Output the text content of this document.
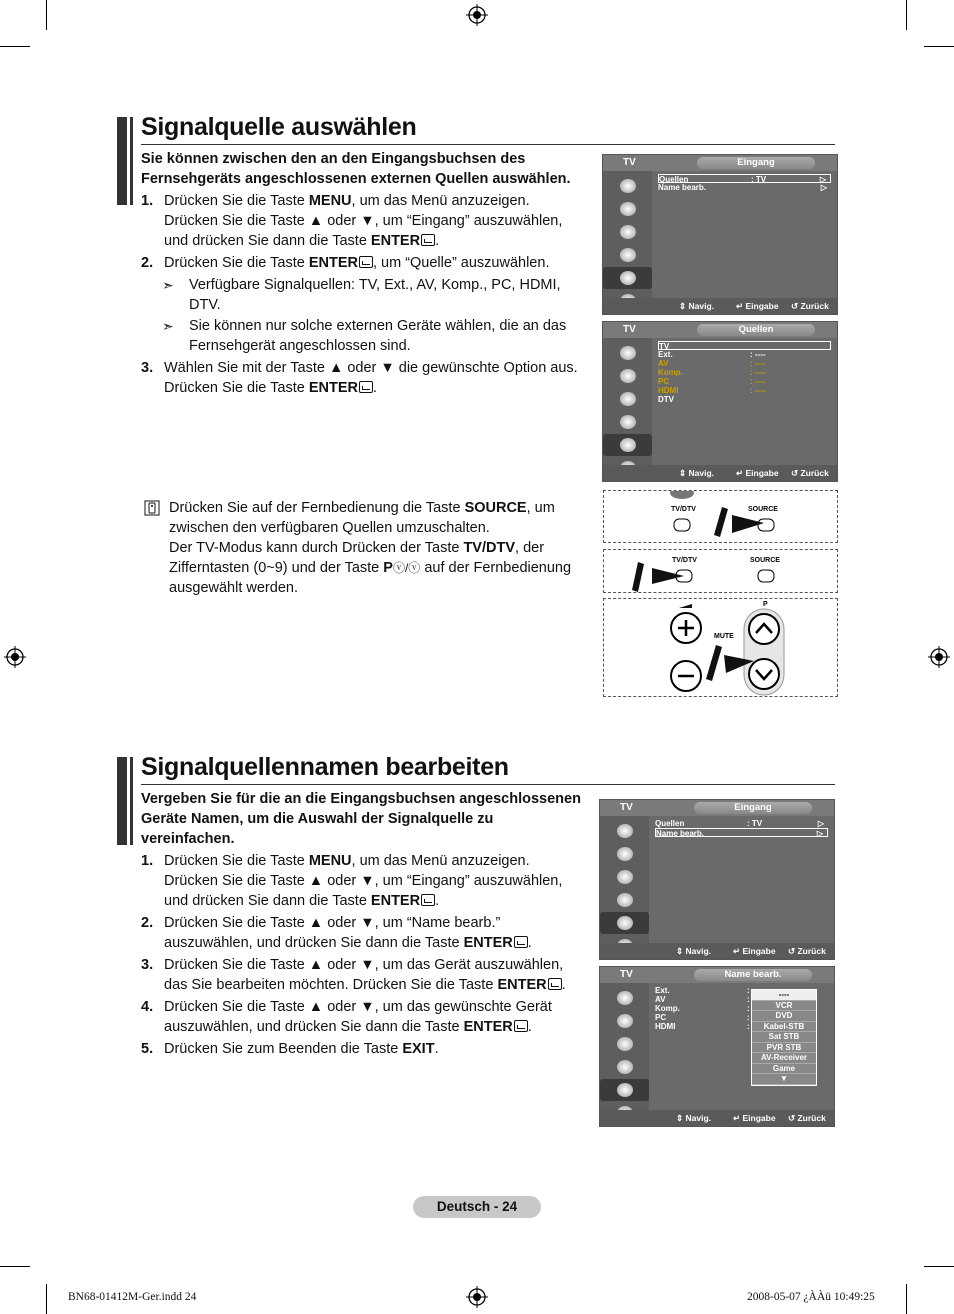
Signalquelle auswählen
Sie können zwischen den an den Eingangsbuchsen des
Fernsehgeräts angeschlossenen externen Quellen auswählen.
1. Drücken Sie die Taste MENU, um das Menü anzuzeigen.
Drücken Sie die Taste ▲ oder ▼, um “Eingang” auszuwählen,
und drücken Sie dann die Taste ENTER .
2. Drücken Sie die Taste ENTER , um “Quelle” auszuwählen.
➣ Verfügbare Signalquellen: TV, Ext., AV, Komp., PC, HDMI,
DTV.
➣ Sie können nur solche externen Geräte wählen, die an das
Fernsehgerät angeschlossen sind.
3. Wählen Sie mit der Taste ▲ oder ▼ die gewünschte Option aus.
Drücken Sie die Taste ENTER .
Drücken Sie auf der Fernbedienung die Taste SOURCE, um
zwischen den verfügbaren Quellen umzuschalten.
Der TV-Modus kann durch Drücken der Taste TV/DTV, der
Zifferntasten (0~9) und der Taste Pⓥ/ⓥ auf der Fernbedienung
ausgewählt werden.
TV	Eingang
Quellen	: TV	▷
Name bearb.	▷
⇕ Navig.	↵ Eingabe ↺ Zurück
TV	Quellen
TV
Ext.	: ----
AV	: ----
Komp.	: ----
PC	: ----
HDMI	: ----
DTV
⇕ Navig.	↵ Eingabe ↺ Zurück
TV/DTV	SOURCE
TV/DTV	SOURCE
P
MUTE
Signalquellennamen bearbeiten
Vergeben Sie für die an die Eingangsbuchsen angeschlossenen
Geräte Namen, um die Auswahl der Signalquelle zu
vereinfachen.
1. Drücken Sie die Taste MENU, um das Menü anzuzeigen.
Drücken Sie die Taste ▲ oder ▼, um “Eingang” auszuwählen,
und drücken Sie dann die Taste ENTER .
2. Drücken Sie die Taste ▲ oder ▼, um “Name bearb.”
auszuwählen, und drücken Sie dann die Taste ENTER .
3. Drücken Sie die Taste ▲ oder ▼, um das Gerät auszuwählen,
das Sie bearbeiten möchten. Drücken Sie die Taste ENTER .
4. Drücken Sie die Taste ▲ oder ▼, um das gewünschte Gerät
auszuwählen, und drücken Sie dann die Taste ENTER .
5. Drücken Sie zum Beenden die Taste EXIT.
TV	Eingang
Quellen	: TV	▷
Name bearb.	▷
⇕ Navig.	↵ Eingabe ↺ Zurück
TV	Name bearb.
Ext.	:
AV	:
Komp.	:
PC	:
HDMI	:
----
VCR
DVD
Kabel-STB
Sat STB
PVR STB
AV-Receiver
Game
▼
⇕ Navig.	↵ Eingabe ↺ Zurück
Deutsch - 24
BN68-01412M-Ger.indd 24	2008-05-07 ¿ÀÀü 10:49:25
